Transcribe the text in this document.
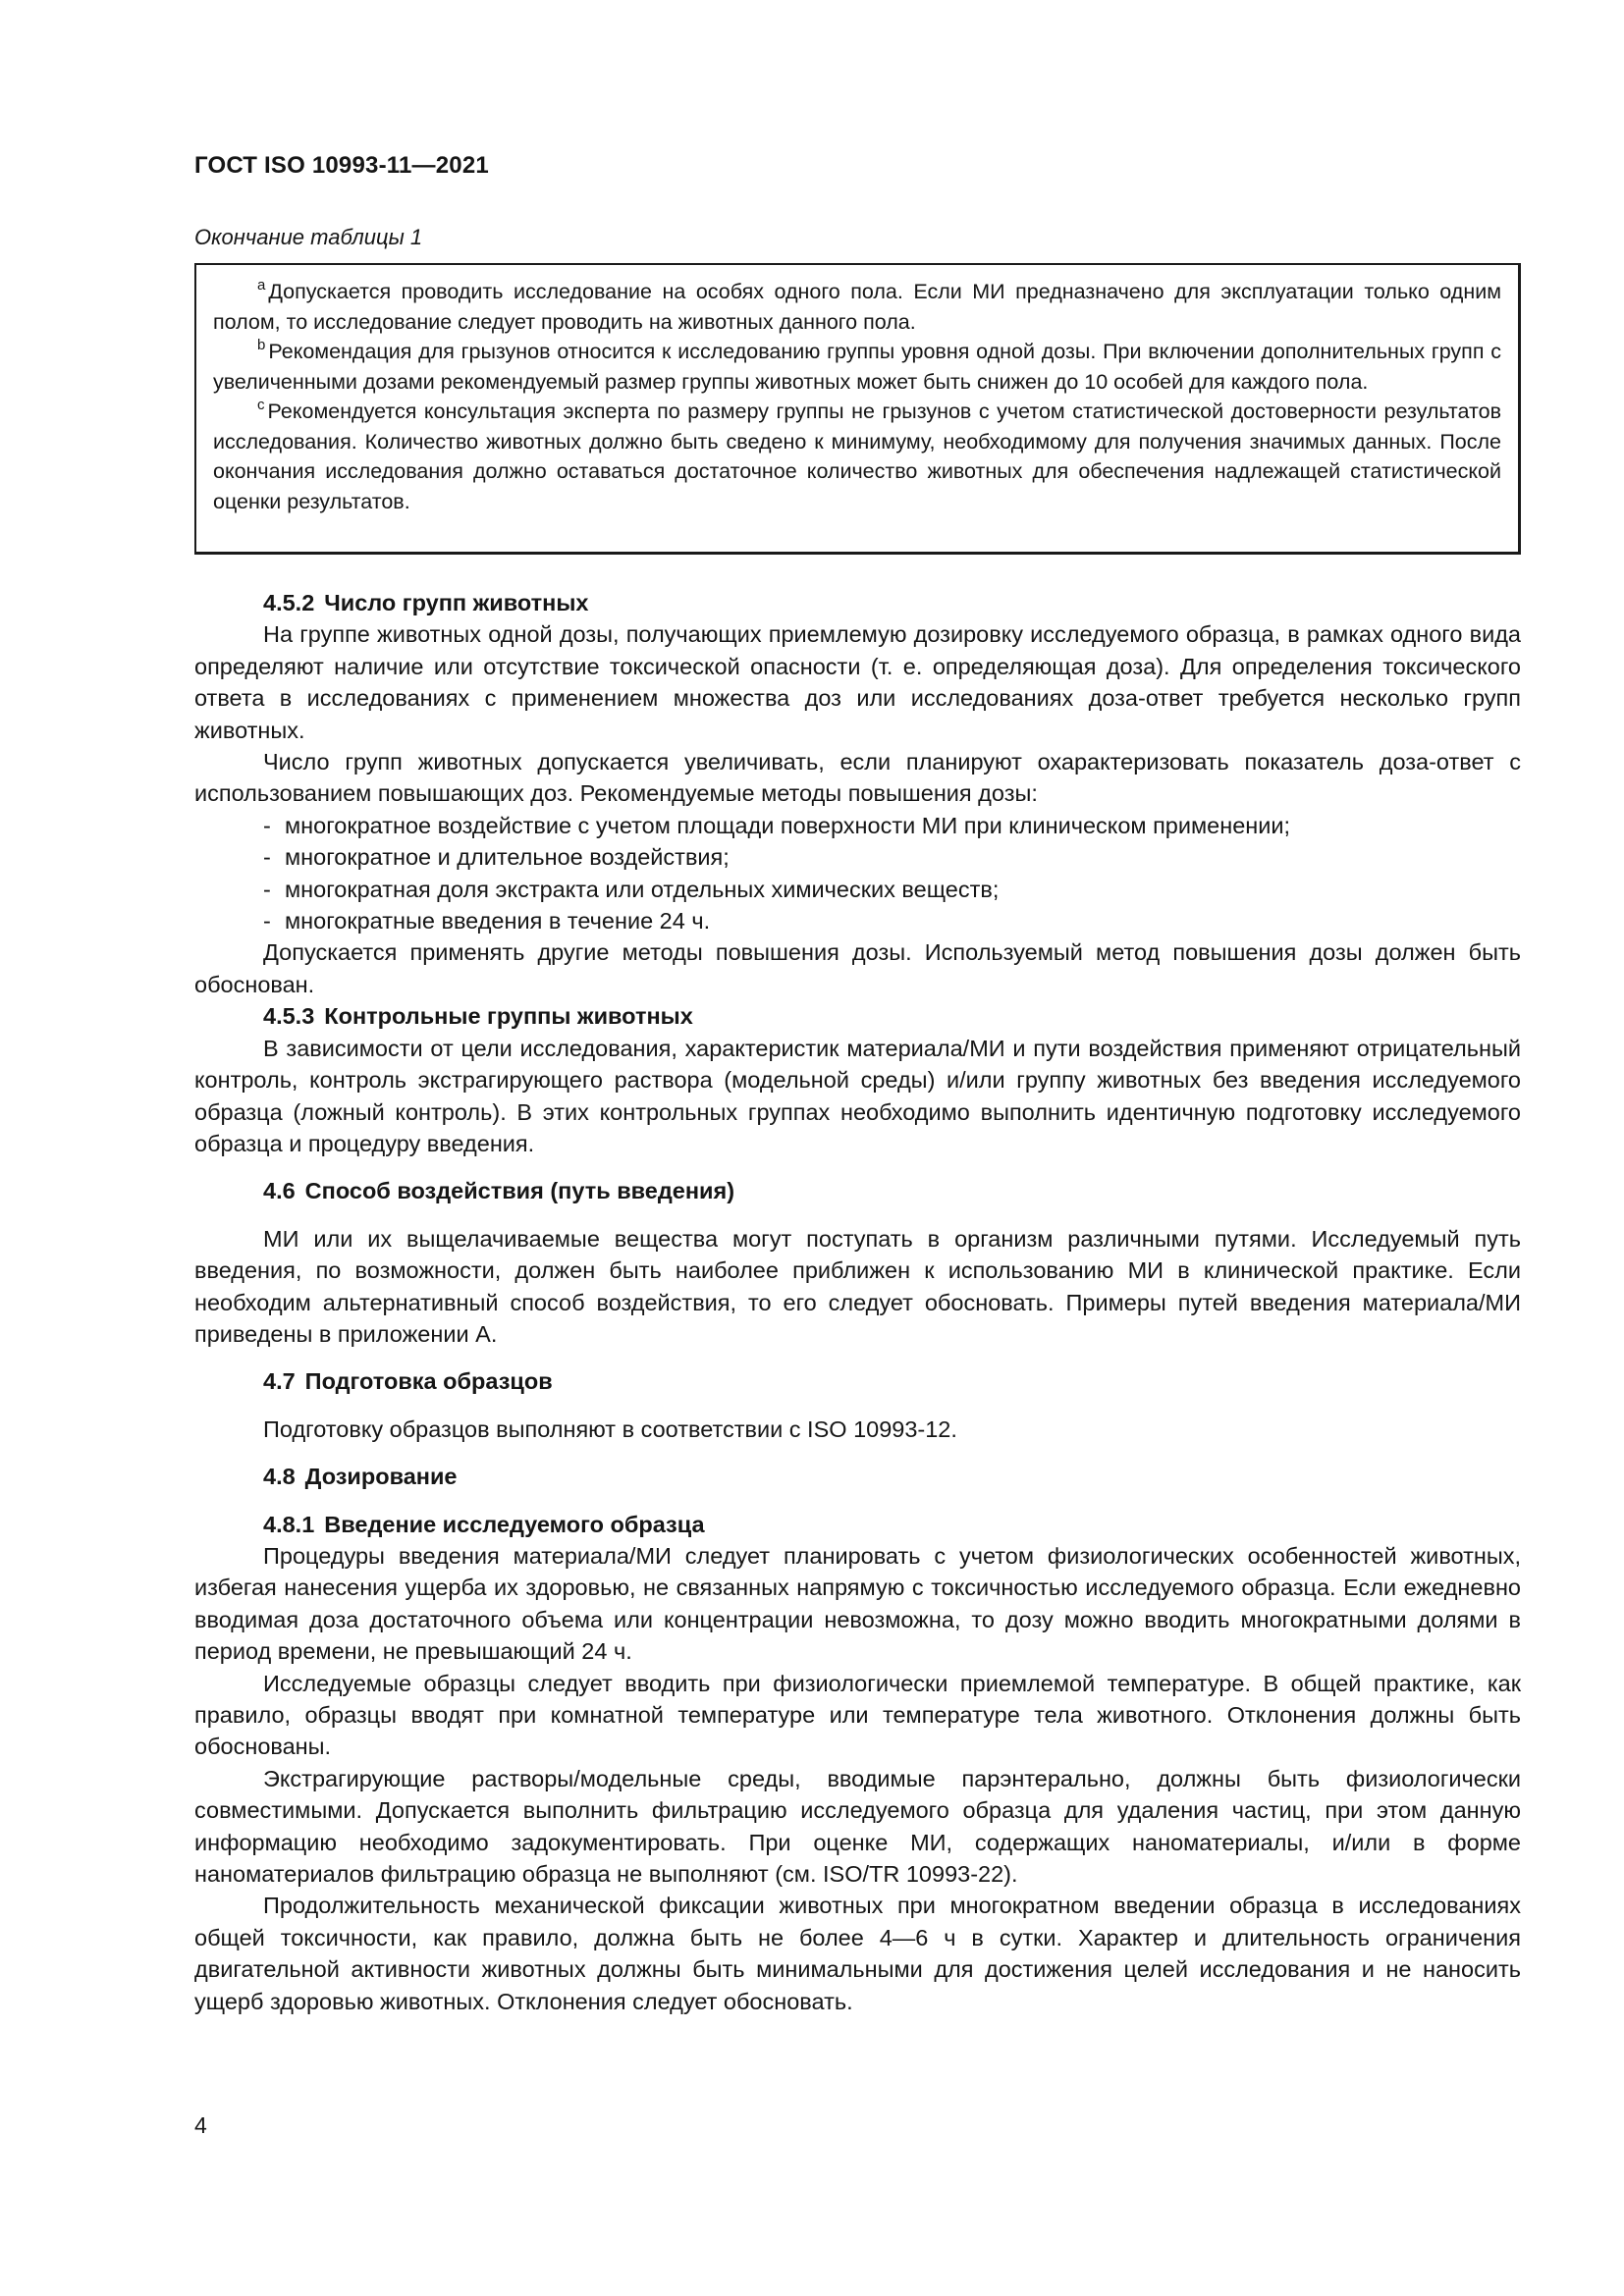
ГОСТ ISO 10993-11—2021
Окончание таблицы 1

$^a$ Допускается проводить исследование на особях одного пола. Если МИ предназначено для эксплуатации только одним полом, то исследование следует проводить на животных данного пола.

$^b$ Рекомендация для грызунов относится к исследованию группы уровня одной дозы. При включении дополнительных групп с увеличенными дозами рекомендуемый размер группы животных может быть снижен до 10 особей для каждого пола.

$^c$ Рекомендуется консультация эксперта по размеру группы не грызунов с учетом статистической достоверности результатов исследования. Количество животных должно быть сведено к минимуму, необходимому для получения значимых данных. После окончания исследования должно оставаться достаточное количество животных для обеспечения надлежащей статистической оценки результатов.

4.5.2 Число групп животных

На группе животных одной дозы, получающих приемлемую дозировку исследуемого образца, в рамках одного вида определяют наличие или отсутствие токсической опасности (т. е. определяющая доза). Для определения токсического ответа в исследованиях с применением множества доз или исследованиях доза-ответ требуется несколько групп животных.

Число групп животных допускается увеличивать, если планируют охарактеризовать показатель доза-ответ с использованием повышающих доз. Рекомендуемые методы повышения дозы:

- многократное воздействие с учетом площади поверхности МИ при клиническом применении;
- многократное и длительное воздействия;
- многократная доля экстракта или отдельных химических веществ;
- многократные введения в течение 24 ч.

Допускается применять другие методы повышения дозы. Используемый метод повышения дозы должен быть обоснован.

4.5.3 Контрольные группы животных

В зависимости от цели исследования, характеристик материала/МИ и пути воздействия применяют отрицательный контроль, контроль экстрагирующего раствора (модельной среды) и/или группу животных без введения исследуемого образца (ложный контроль). В этих контрольных группах необходимо выполнить идентичную подготовку исследуемого образца и процедуру введения.

4.6 Способ воздействия (путь введения)

МИ или их выщелачиваемые вещества могут поступать в организм различными путями. Исследуемый путь введения, по возможности, должен быть наиболее приближен к использованию МИ в клинической практике. Если необходим альтернативный способ воздействия, то его следует обосновать. Примеры путей введения материала/МИ приведены в приложении А.

4.7 Подготовка образцов

Подготовку образцов выполняют в соответствии с ISO 10993-12.

4.8 Дозирование
4.8.1 Введение исследуемого образца

Процедуры введения материала/МИ следует планировать с учетом физиологических особенностей животных, избегая нанесения ущерба их здоровью, не связанных напрямую с токсичностью исследуемого образца. Если ежедневно вводимая доза достаточного объема или концентрации невозможна, то дозу можно вводить многократными долями в период времени, не превышающий 24 ч.

Исследуемые образцы следует вводить при физиологически приемлемой температуре. В общей практике, как правило, образцы вводят при комнатной температуре или температуре тела животного. Отклонения должны быть обоснованы.

Экстрагирующие растворы/модельные среды, вводимые парэнтерально, должны быть физиологически совместимыми. Допускается выполнить фильтрацию исследуемого образца для удаления частиц, при этом данную информацию необходимо задокументировать. При оценке МИ, содержащих наноматериалы, и/или в форме наноматериалов фильтрацию образца не выполняют (см. ISO/TR 10993-22).

Продолжительность механической фиксации животных при многократном введении образца в исследованиях общей токсичности, как правило, должна быть не более 4—6 ч в сутки. Характер и длительность ограничения двигательной активности животных должны быть минимальными для достижения целей исследования и не наносить ущерб здоровью животных. Отклонения следует обосновать.

4
